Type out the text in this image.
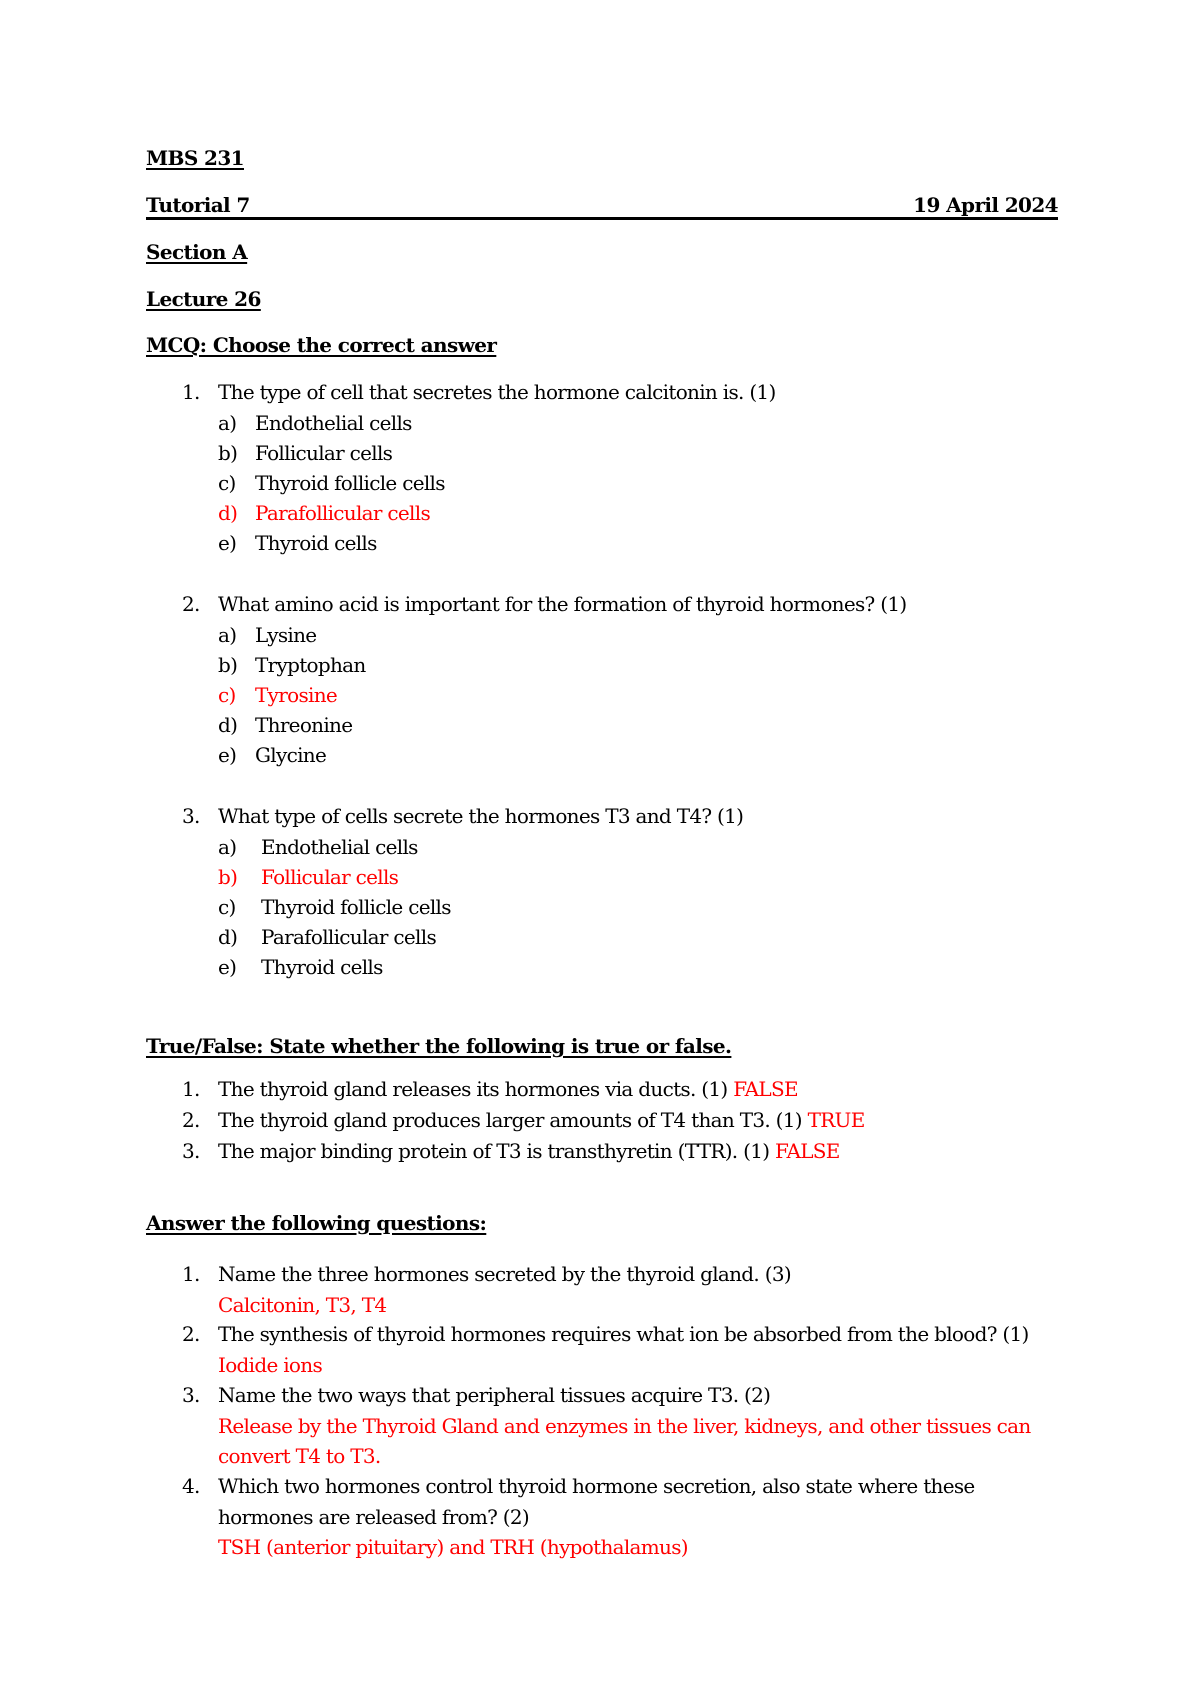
MBS 231
Tutorial 7	19 April 2024
Section A
Lecture 26
MCQ: Choose the correct answer
1. The type of cell that secretes the hormone calcitonin is. (1)
a) Endothelial cells
b) Follicular cells
c) Thyroid follicle cells
d) Parafollicular cells
e) Thyroid cells
2. What amino acid is important for the formation of thyroid hormones? (1)
a) Lysine
b) Tryptophan
c) Tyrosine
d) Threonine
e) Glycine
3. What type of cells secrete the hormones T3 and T4? (1)
a) Endothelial cells
b) Follicular cells
c) Thyroid follicle cells
d) Parafollicular cells
e) Thyroid cells
True/False: State whether the following is true or false.
1. The thyroid gland releases its hormones via ducts. (1) FALSE
2. The thyroid gland produces larger amounts of T4 than T3. (1) TRUE
3. The major binding protein of T3 is transthyretin (TTR). (1) FALSE
Answer the following questions:
1. Name the three hormones secreted by the thyroid gland. (3)
Calcitonin, T3, T4
2. The synthesis of thyroid hormones requires what ion be absorbed from the blood? (1)
Iodide ions
3. Name the two ways that peripheral tissues acquire T3. (2)
Release by the Thyroid Gland and enzymes in the liver, kidneys, and other tissues can
convert T4 to T3.
4. Which two hormones control thyroid hormone secretion, also state where these
hormones are released from? (2)
TSH (anterior pituitary) and TRH (hypothalamus)
